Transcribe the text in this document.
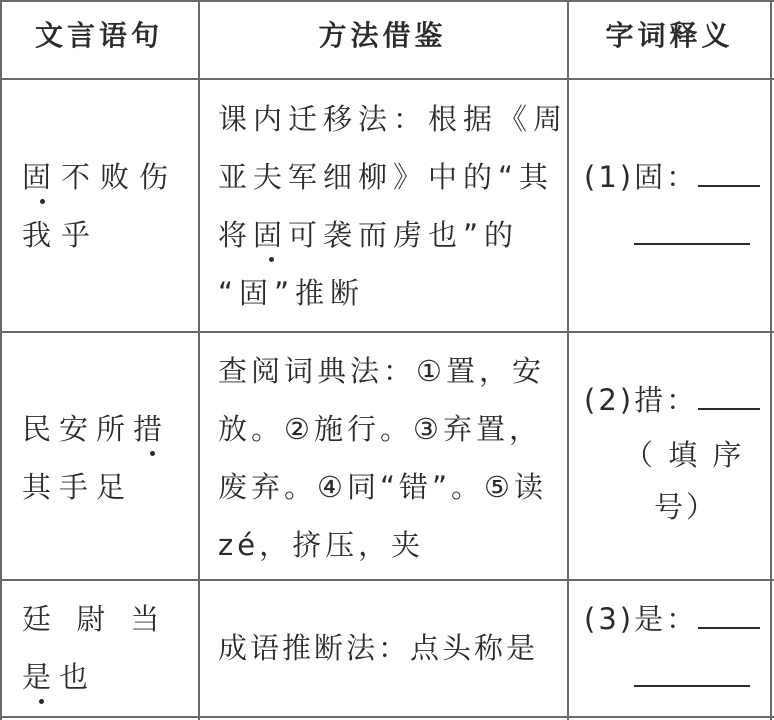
文言语句	方法借鉴	字词释义
固不败伤
我乎
课内迁移法：根据《周
亚夫军细柳》中的“其
将固可袭而虏也”的
“固”推断
(1)固：
民安所措
其手足
查阅词典法：①置，安
放。②施行。③弃置，
废弃。④同“错”。⑤读
zé，挤压，夹
(2)措：
（ 填 序
号）
廷 尉 当
是也
成语推断法：点头称是
(3)是：
